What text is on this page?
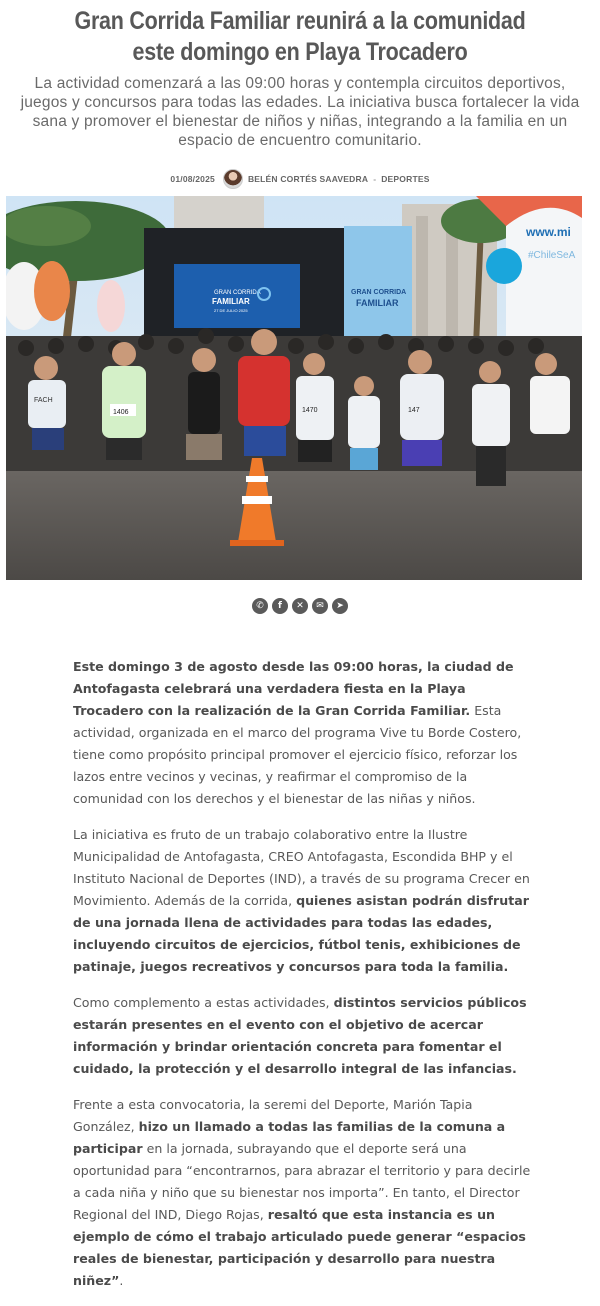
Gran Corrida Familiar reunirá a la comunidad este domingo en Playa Trocadero

La actividad comenzará a las 09:00 horas y contempla circuitos deportivos, juegos y concursos para todas las edades. La iniciativa busca fortalecer la vida sana y promover el bienestar de niños y niñas, integrando a la familia en un espacio de encuentro comunitario.

01/08/2025	BELÉN CORTÉS SAAVEDRA - DEPORTES
GRAN CORRIDA
FAMILIAR
27 DE JULIO 2025
GRAN CORRIDA
FAMILIAR
www.mi
#ChileSeA
FACH
1406	1470	147
✆	f	✕	✉	➤

Este domingo 3 de agosto desde las 09:00 horas, la ciudad de Antofagasta celebrará una verdadera fiesta en la Playa Trocadero con la realización de la Gran Corrida Familiar. Esta actividad, organizada en el marco del programa Vive tu Borde Costero, tiene como propósito principal promover el ejercicio físico, reforzar los lazos entre vecinos y vecinas, y reafirmar el compromiso de la comunidad con los derechos y el bienestar de las niñas y niños.

La iniciativa es fruto de un trabajo colaborativo entre la Ilustre Municipalidad de Antofagasta, CREO Antofagasta, Escondida BHP y el Instituto Nacional de Deportes (IND), a través de su programa Crecer en Movimiento. Además de la corrida, quienes asistan podrán disfrutar de una jornada llena de actividades para todas las edades, incluyendo circuitos de ejercicios, fútbol tenis, exhibiciones de patinaje, juegos recreativos y concursos para toda la familia.

Como complemento a estas actividades, distintos servicios públicos estarán presentes en el evento con el objetivo de acercar información y brindar orientación concreta para fomentar el cuidado, la protección y el desarrollo integral de las infancias.

Frente a esta convocatoria, la seremi del Deporte, Marión Tapia González, hizo un llamado a todas las familias de la comuna a participar en la jornada, subrayando que el deporte será una oportunidad para “encontrarnos, para abrazar el territorio y para decirle a cada niña y niño que su bienestar nos importa”. En tanto, el Director Regional del IND, Diego Rojas, resaltó que esta instancia es un ejemplo de cómo el trabajo articulado puede generar “espacios reales de bienestar, participación y desarrollo para nuestra niñez”.
